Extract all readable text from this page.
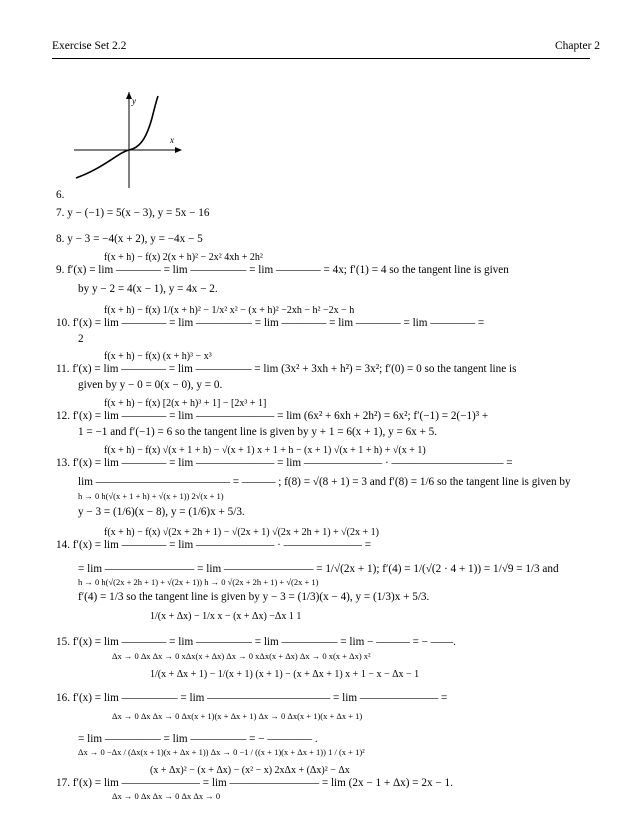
Exercise Set 2.2	Chapter 2
y
x
6.
7. y − (−1) = 5(x − 3), y = 5x − 16
8. y − 3 = −4(x + 2), y = −4x − 5
f(x + h) − f(x) 2(x + h)² − 2x² 4xh + 2h²
9. f′(x) = lim ———— = lim ————— = lim ———— = 4x; f′(1) = 4 so the tangent line is given
by y − 2 = 4(x − 1), y = 4x − 2.
f(x + h) − f(x) 1/(x + h)² − 1/x² x² − (x + h)² −2xh − h² −2x − h
10. f′(x) = lim ———— = lim ————— = lim ———— = lim ———— = lim ———— =
2
f(x + h) − f(x) (x + h)³ − x³
11. f′(x) = lim ———— = lim ————— = lim (3x² + 3xh + h²) = 3x²; f′(0) = 0 so the tangent line is
given by y − 0 = 0(x − 0), y = 0.
f(x + h) − f(x) [2(x + h)³ + 1] − [2x³ + 1]
12. f′(x) = lim ———— = lim ——————— = lim (6x² + 6xh + 2h²) = 6x²; f′(−1) = 2(−1)³ +
1 = −1 and f′(−1) = 6 so the tangent line is given by y + 1 = 6(x + 1), y = 6x + 5.
f(x + h) − f(x) √(x + 1 + h) − √(x + 1) x + 1 + h − (x + 1) √(x + 1 + h) + √(x + 1)
13. f′(x) = lim ———— = lim ——————— = lim ——————— · —————————— =
lim ———————————— = ——— ; f(8) = √(8 + 1) = 3 and f′(8) = 1/6 so the tangent line is given by
h → 0 h(√(x + 1 + h) + √(x + 1)) 2√(x + 1)
y − 3 = (1/6)(x − 8), y = (1/6)x + 5/3.
f(x + h) − f(x) √(2x + 2h + 1) − √(2x + 1) √(2x + 2h + 1) + √(2x + 1)
14. f′(x) = lim ———— = lim ——————— · ——————— =
= lim ———————— = lim ———————— = 1/√(2x + 1); f′(4) = 1/(√(2 · 4 + 1)) = 1/√9 = 1/3 and
h → 0 h(√(2x + 2h + 1) + √(2x + 1)) h → 0 √(2x + 2h + 1) + √(2x + 1)
f′(4) = 1/3 so the tangent line is given by y − 3 = (1/3)(x − 4), y = (1/3)x + 5/3.
1/(x + Δx) − 1/x x − (x + Δx) −Δx 1 1
15. f′(x) = lim ———— = lim ————— = lim ————— = lim − ——— = − ——.
Δx → 0 Δx Δx → 0 xΔx(x + Δx) Δx → 0 xΔx(x + Δx) Δx → 0 x(x + Δx) x²
1/(x + Δx + 1) − 1/(x + 1) (x + 1) − (x + Δx + 1) x + 1 − x − Δx − 1
16. f′(x) = lim ————— = lim ——————————— = lim ——————— =
Δx → 0 Δx Δx → 0 Δx(x + 1)(x + Δx + 1) Δx → 0 Δx(x + 1)(x + Δx + 1)
= lim ————— = lim ————— = − ———— .
Δx → 0 −Δx / (Δx(x + 1)(x + Δx + 1)) Δx → 0 −1 / ((x + 1)(x + Δx + 1)) 1 / (x + 1)²
(x + Δx)² − (x + Δx) − (x² − x) 2xΔx + (Δx)² − Δx
17. f′(x) = lim ——————— = lim ———————— = lim (2x − 1 + Δx) = 2x − 1.
Δx → 0 Δx Δx → 0 Δx Δx → 0
